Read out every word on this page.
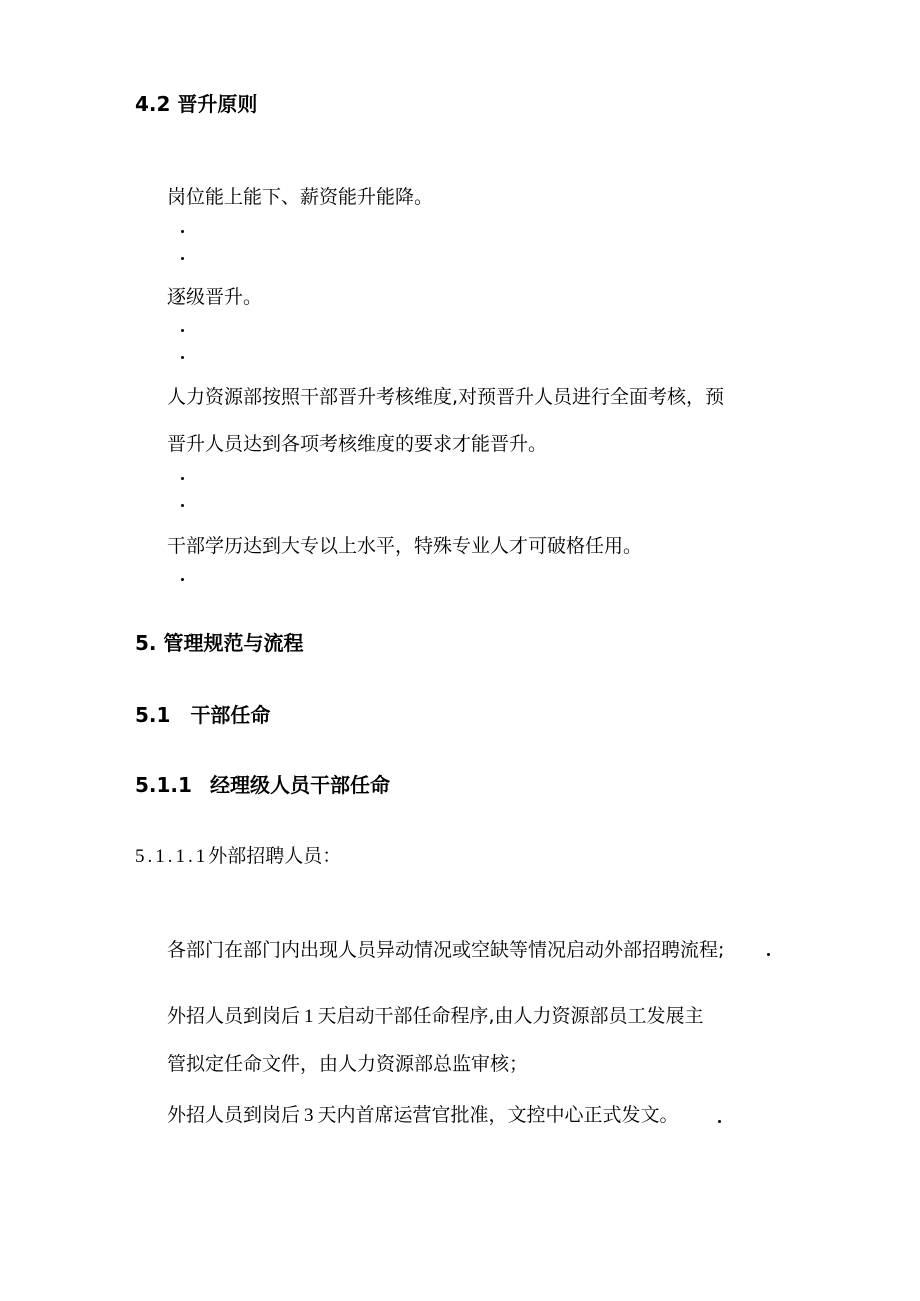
4.2 晋升原则
岗位能上能下、薪资能升能降。
逐级晋升。
人力资源部按照干部晋升考核维度,对预晋升人员进行全面考核，预
晋升人员达到各项考核维度的要求才能晋升。
干部学历达到大专以上水平，特殊专业人才可破格任用。
5. 管理规范与流程
5.1 干部任命
5.1.1 经理级人员干部任命
5.1.1.1外部招聘人员：
各部门在部门内出现人员异动情况或空缺等情况启动外部招聘流程;
外招人员到岗后 1 天启动干部任命程序,由人力资源部员工发展主
管拟定任命文件，由人力资源部总监审核；
外招人员到岗后 3 天内首席运营官批准，文控中心正式发文。
